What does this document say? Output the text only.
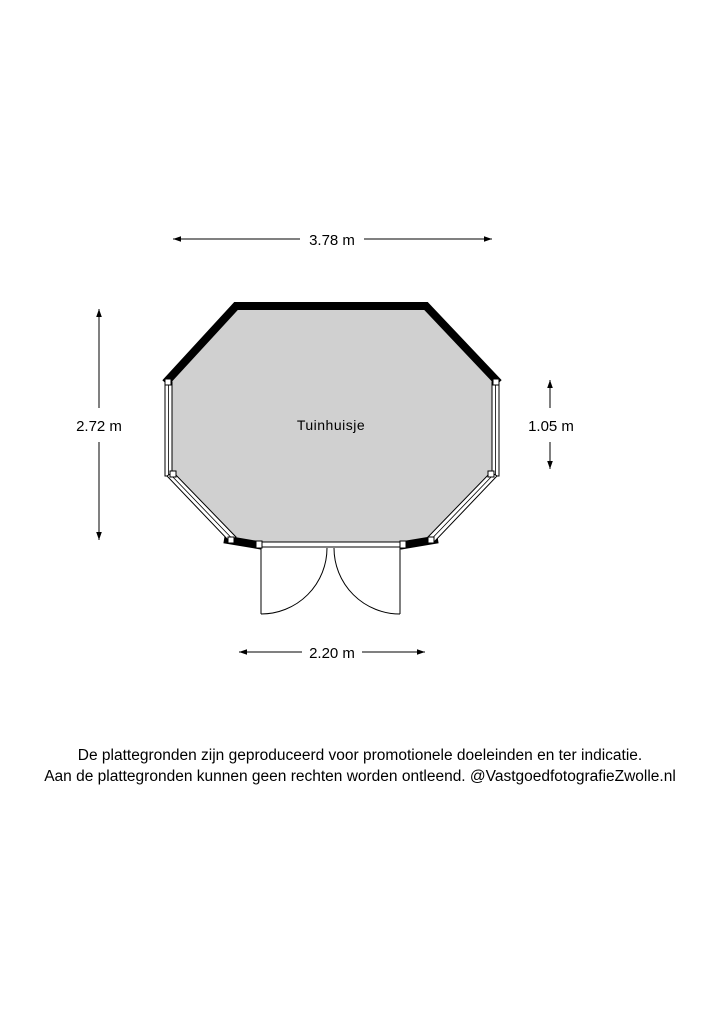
Tuinhuisje
3.78 m
2.72 m	1.05 m
2.20 m
De plattegronden zijn geproduceerd voor promotionele doeleinden en ter indicatie.
Aan de plattegronden kunnen geen rechten worden ontleend. @VastgoedfotografieZwolle.nl
